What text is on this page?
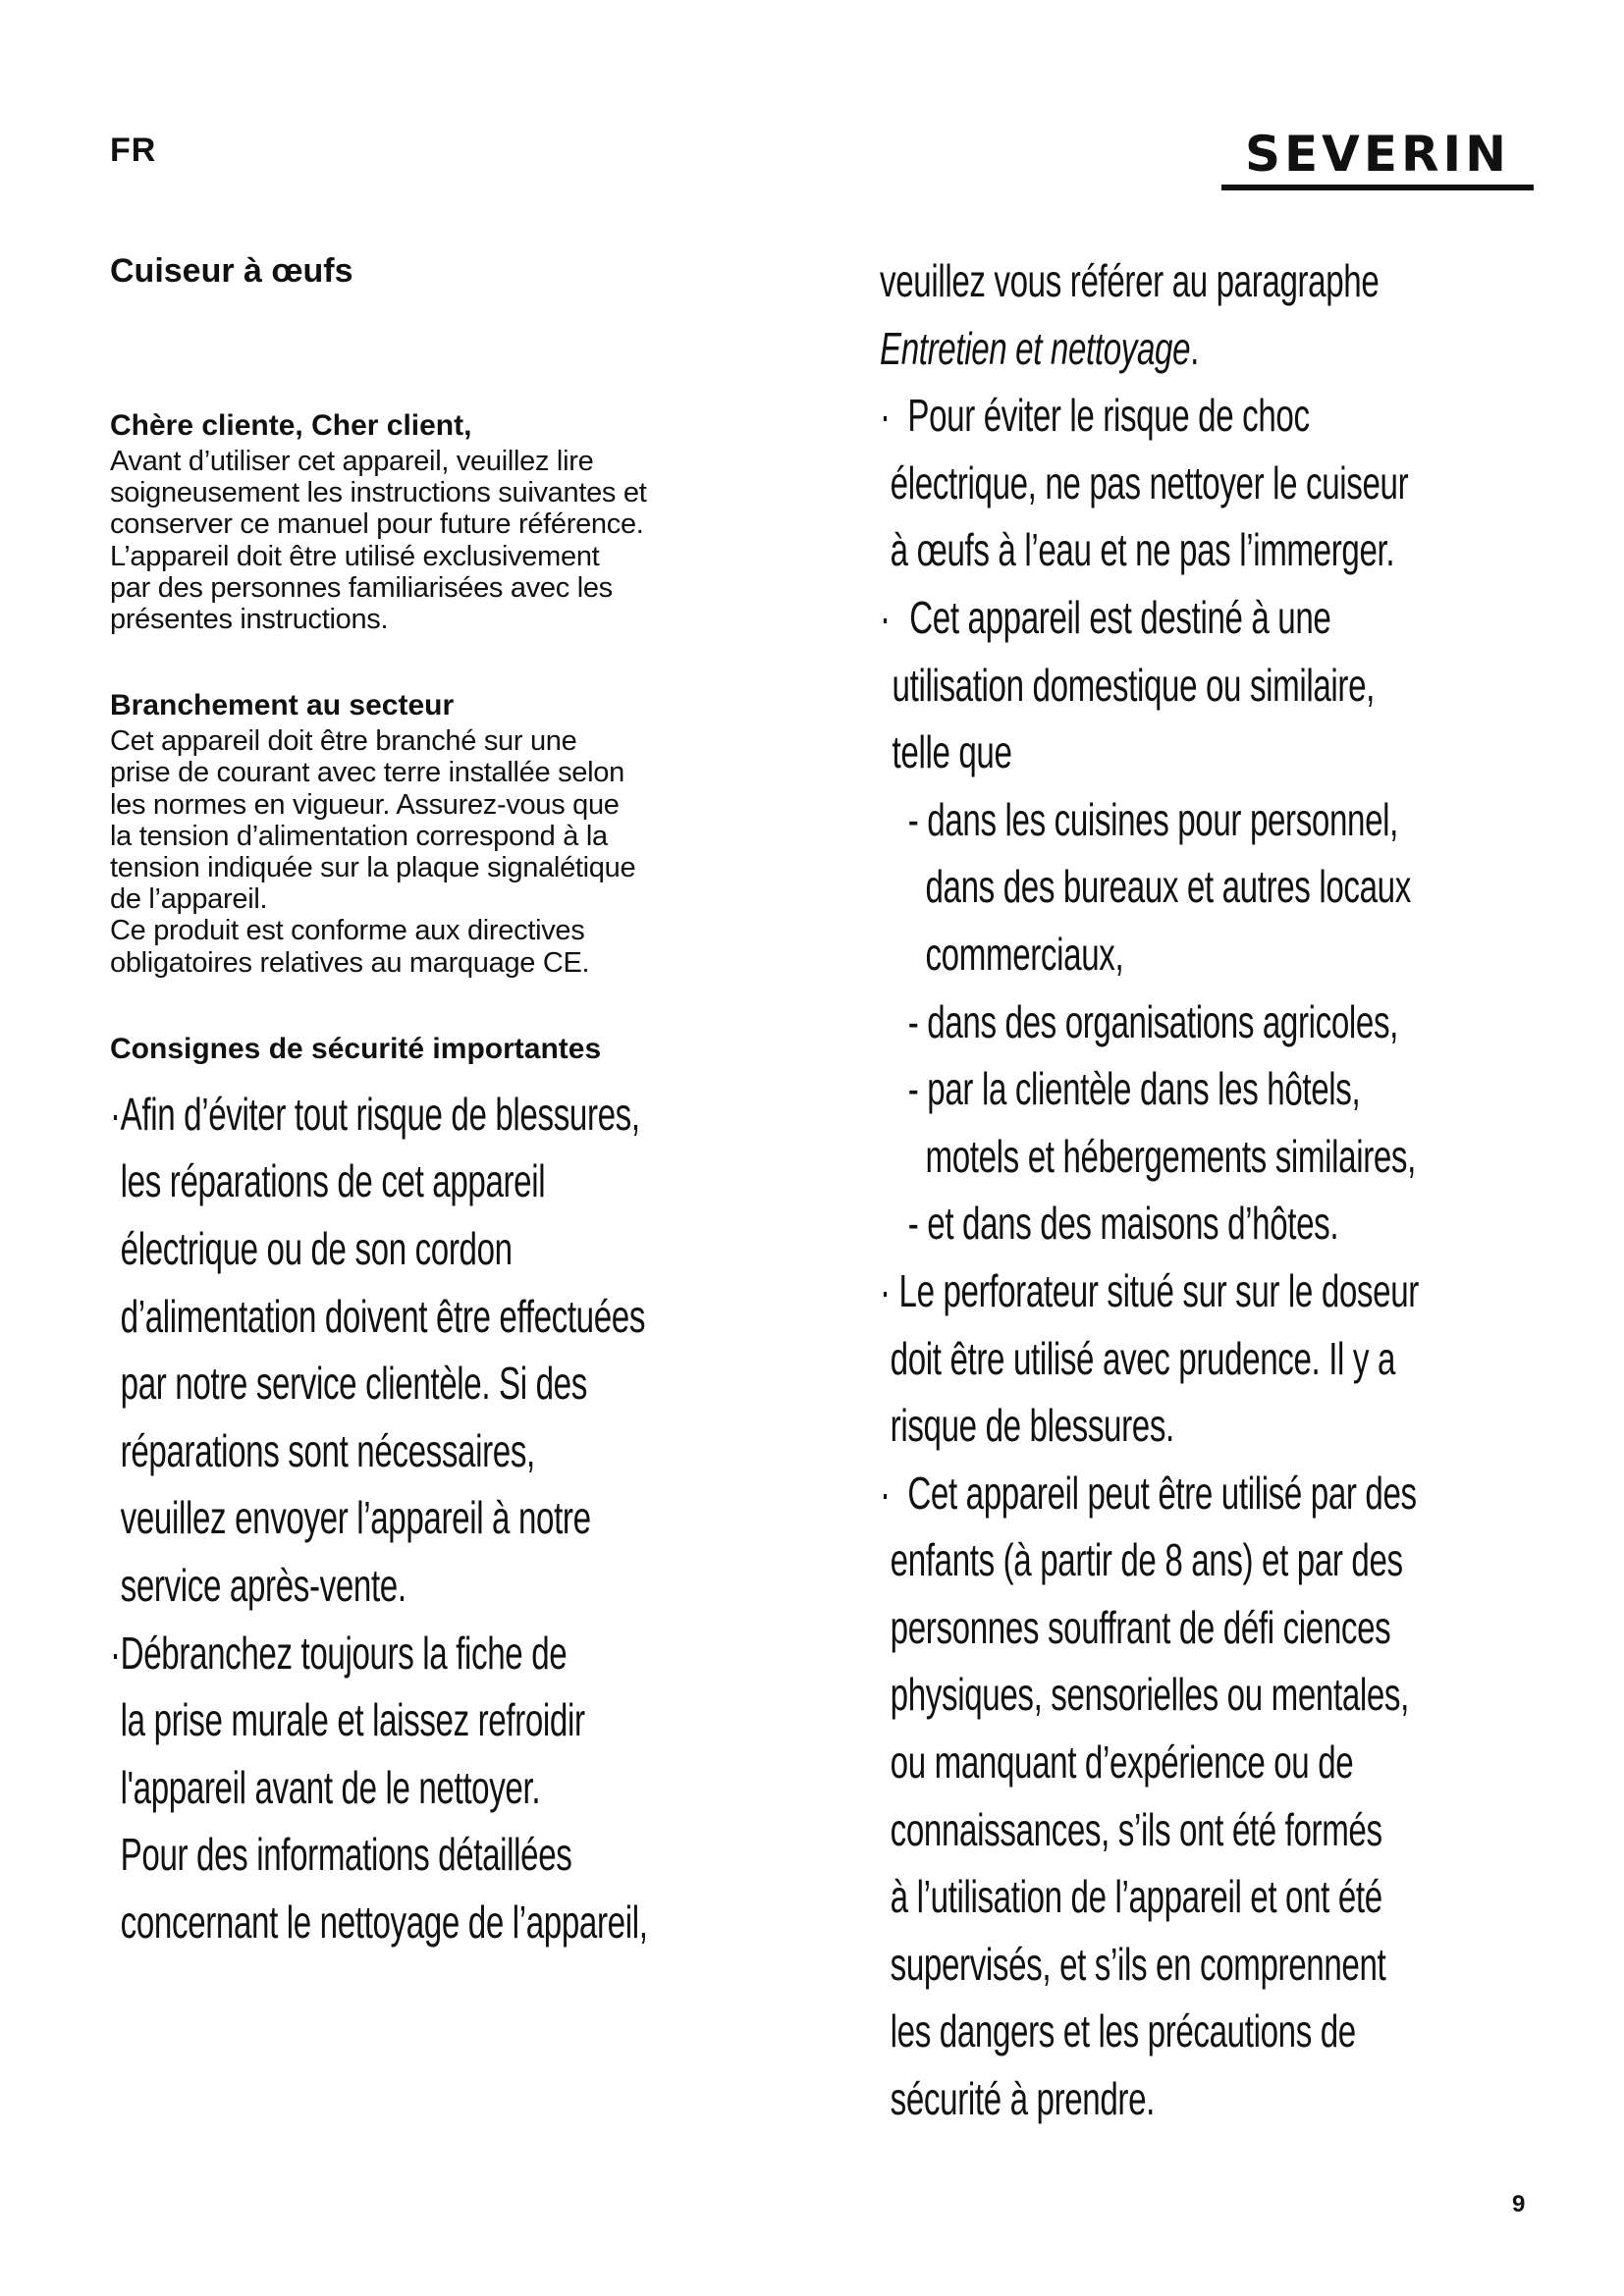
FR	SEVERIN
Cuiseur à œufs
Chère cliente, Cher client,
Avant d’utiliser cet appareil, veuillez lire
soigneusement les instructions suivantes et
conserver ce manuel pour future référence.
L’appareil doit être utilisé exclusivement
par des personnes familiarisées avec les
présentes instructions.
Branchement au secteur
Cet appareil doit être branché sur une
prise de courant avec terre installée selon
les normes en vigueur. Assurez-vous que
la tension d’alimentation correspond à la
tension indiquée sur la plaque signalétique
de l’appareil.
Ce produit est conforme aux directives
obligatoires relatives au marquage CE.
Consignes de sécurité importantes
· Afin d’éviter tout risque de blessures,
les réparations de cet appareil
électrique ou de son cordon
d’alimentation doivent être effectuées
par notre service clientèle. Si des
réparations sont nécessaires,
veuillez envoyer l’appareil à notre
service après-vente.
· Débranchez toujours la fiche de
la prise murale et laissez refroidir
l'appareil avant de le nettoyer.
Pour des informations détaillées
concernant le nettoyage de l’appareil,
veuillez vous référer au paragraphe
Entretien et nettoyage.
· Pour éviter le risque de choc
électrique, ne pas nettoyer le cuiseur
à œufs à l’eau et ne pas l’immerger.
· Cet appareil est destiné à une
utilisation domestique ou similaire,
telle que
- dans les cuisines pour personnel,
dans des bureaux et autres locaux
commerciaux,
- dans des organisations agricoles,
- par la clientèle dans les hôtels,
motels et hébergements similaires,
- et dans des maisons d’hôtes.
· Le perforateur situé sur sur le doseur
doit être utilisé avec prudence. Il y a
risque de blessures.
· Cet appareil peut être utilisé par des
enfants (à partir de 8 ans) et par des
personnes souffrant de défi ciences
physiques, sensorielles ou mentales,
ou manquant d’expérience ou de
connaissances, s’ils ont été formés
à l’utilisation de l’appareil et ont été
supervisés, et s’ils en comprennent
les dangers et les précautions de
sécurité à prendre.
9
